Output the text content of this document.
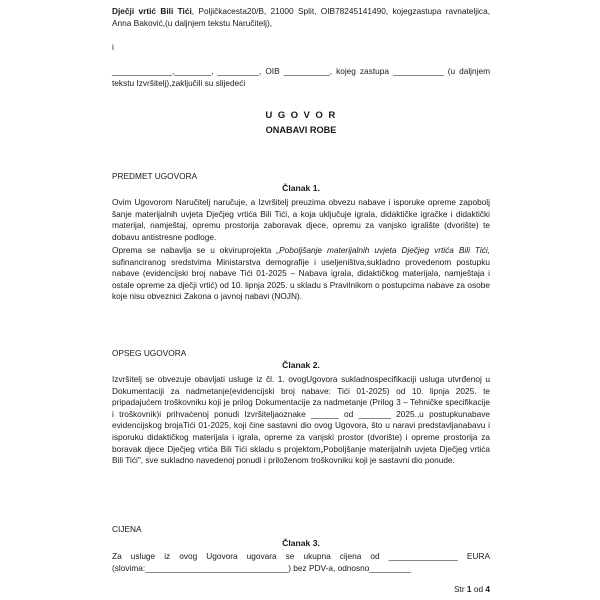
Dječji vrtić Bili Tići, Poljičkacesta20/B, 21000 Split, OIB78245141490, kojegzastupa ravnateljica, Anna Baković,(u daljnjem tekstu Naručitelj),
i
_____________,________, _________, OIB __________, kojeg zastupa ___________ (u daljnjem tekstu Izvršitelj),zaključili su slijedeći
U G O V O R
ONABAVI ROBE
PREDMET UGOVORA
Članak 1.
Ovim Ugovorom Naručitelj naručuje, a Izvršitelj preuzima obvezu nabave i isporuke opreme zapobolj šanje materijalnih uvjeta Dječjeg vrtića Bili Tići, a koja uključuje igrala, didaktičke igračke i didaktički materijal, namještaj, opremu prostorija zaboravak djece, opremu za vanjsko igralište (dvorište) te dobavu antistresne podloge.
Oprema se nabavlja se u okviruprojekta „Poboljšanje materijalnih uvjeta Dječjeg vrtića Bili Tići, sufinanciranog sredstvima Ministarstva demografije i useljeništva,sukladno provedenom postupku nabave (evidencijski broj nabave Tići 01-2025 – Nabava igrala, didaktičkog materijala, namještaja i ostale opreme za dječji vrtić) od 10. lipnja 2025. u skladu s Pravilnikom o postupcima nabave za osobe koje nisu obveznici Zakona o javnoj nabavi (NOJN).
OPSEG UGOVORA
Članak 2.
Izvršitelj se obvezuje obavljati usluge iz čl. 1. ovogUgovora sukladnospecifikaciji usluga utvrđenoj u Dokumentaciji za nadmetanje(evidencijski broj nabave: Tići 01-2025) od 10. lipnja 2025. te pripadajućem troškovniku koji je prilog Dokumentacije za nadmetanje (Prilog 3 – Tehničke specifikacije i troškovnik)i prihvaćenoj ponudi Izvršiteljaoznake ______ od _______ 2025.,u postupkunabave evidencijskog brojaTići 01-2025, koji čine sastavni dio ovog Ugovora, što u naravi predstavljanabavu i isporuku didaktičkog materijala i igrala, opreme za vanjski prostor (dvorište) i opreme prostorija za boravak djece Dječjeg vrtića Bili Tići skladu s projektom„Poboljšanje materijalnih uvjeta Dječjeg vrtića Bili Tići", sve sukladno navedenoj ponudi i priloženom troškovniku koji je sastavni dio ponude.
CIJENA
Članak 3.
Za usluge iz ovog Ugovora ugovara se ukupna cijena od _______________ EURA (slovima:_______________________________) bez PDV-a, odnosno_________
Str 1 od 4
